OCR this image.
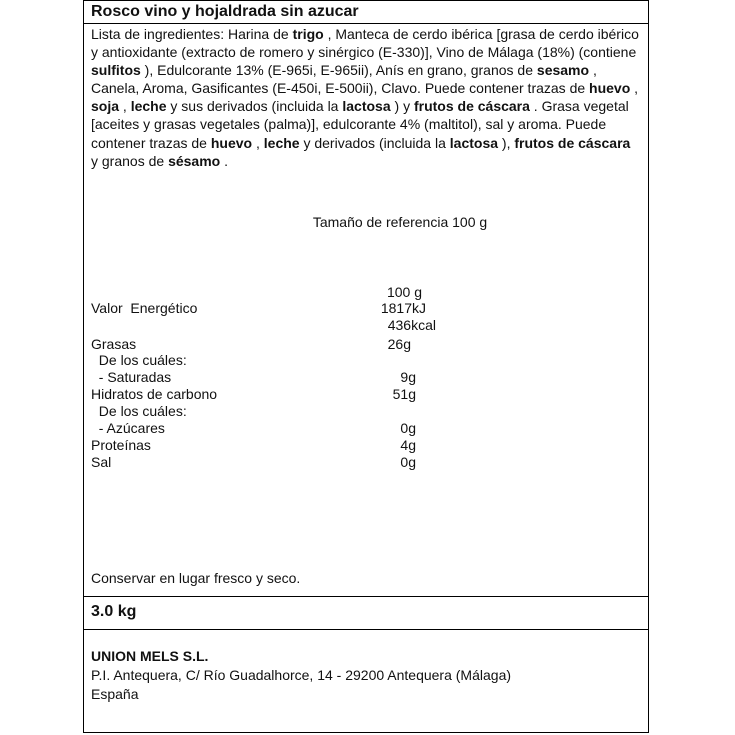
Rosco vino y hojaldrada sin azucar
Lista de ingredientes: Harina de trigo , Manteca de cerdo ibérica [grasa de cerdo ibérico y antioxidante (extracto de romero y sinérgico (E-330)], Vino de Málaga (18%) (contiene sulfitos ), Edulcorante 13% (E-965i, E-965ii), Anís en grano, granos de sesamo , Canela, Aroma, Gasificantes (E-450i, E-500ii), Clavo. Puede contener trazas de huevo , soja , leche y sus derivados (incluida la lactosa ) y frutos de cáscara . Grasa vegetal [aceites y grasas vegetales (palma)], edulcorante 4% (maltitol), sal y aroma. Puede contener trazas de huevo , leche y derivados (incluida la lactosa ), frutos de cáscara y granos de sésamo .
Tamaño de referencia 100 g
100 g
Valor  Energético	1817kJ
436kcal
Grasas	26g
De los cuáles:
- Saturadas	9g
Hidratos de carbono	51g
De los cuáles:
- Azúcares	0g
Proteínas	4g
Sal	0g
Conservar en lugar fresco y seco.
3.0 kg
UNION MELS S.L.
P.I. Antequera, C/ Río Guadalhorce, 14 - 29200 Antequera (Málaga)
España
